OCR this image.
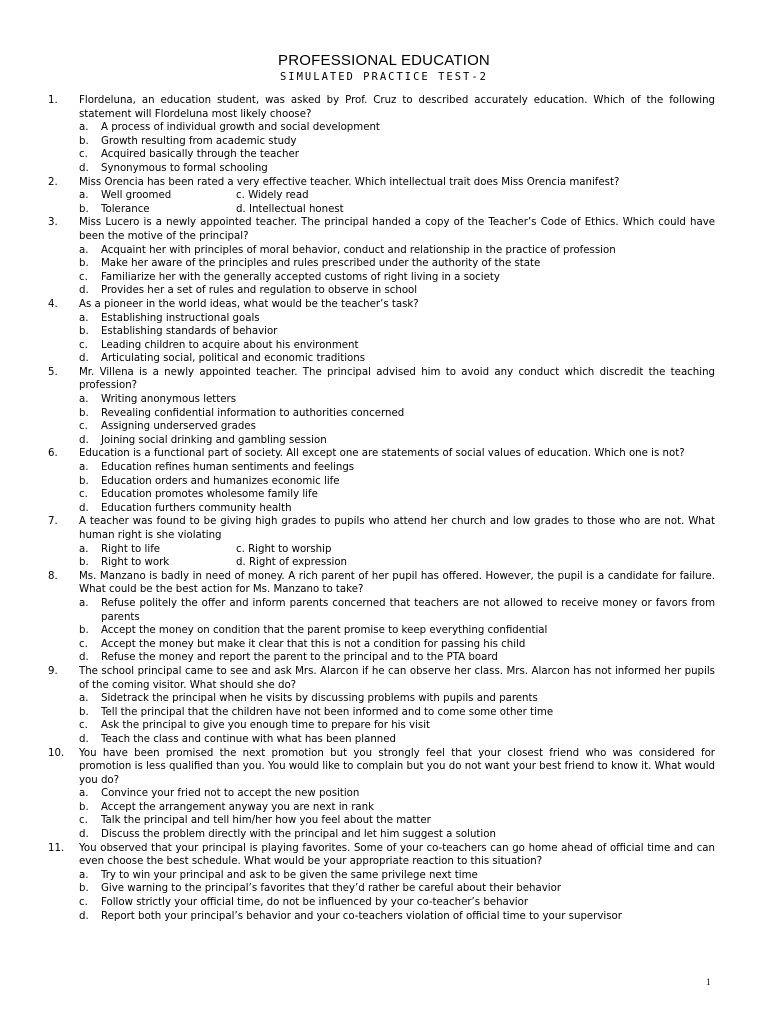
PROFESSIONAL EDUCATION
SIMULATED PRACTICE TEST-2
1.	Flordeluna, an education student, was asked by Prof. Cruz to described accurately education. Which of the following statement will Flordeluna most likely choose?
a. A process of individual growth and social development
b. Growth resulting from academic study
c. Acquired basically through the teacher
d. Synonymous to formal schooling
2.	Miss Orencia has been rated a very effective teacher. Which intellectual trait does Miss Orencia manifest?
a. Well groomed	c. Widely read
b. Tolerance	d. Intellectual honest
3.	Miss Lucero is a newly appointed teacher. The principal handed a copy of the Teacher’s Code of Ethics. Which could have been the motive of the principal?
a. Acquaint her with principles of moral behavior, conduct and relationship in the practice of profession
b. Make her aware of the principles and rules prescribed under the authority of the state
c. Familiarize her with the generally accepted customs of right living in a society
d. Provides her a set of rules and regulation to observe in school
4.	As a pioneer in the world ideas, what would be the teacher’s task?
a. Establishing instructional goals
b. Establishing standards of behavior
c. Leading children to acquire about his environment
d. Articulating social, political and economic traditions
5.	Mr. Villena is a newly appointed teacher. The principal advised him to avoid any conduct which discredit the teaching profession?
a. Writing anonymous letters
b. Revealing confidential information to authorities concerned
c. Assigning underserved grades
d. Joining social drinking and gambling session
6.	Education is a functional part of society. All except one are statements of social values of education. Which one is not?
a. Education refines human sentiments and feelings
b. Education orders and humanizes economic life
c. Education promotes wholesome family life
d. Education furthers community health
7.	A teacher was found to be giving high grades to pupils who attend her church and low grades to those who are not. What human right is she violating
a. Right to life	c. Right to worship
b. Right to work	d. Right of expression
8.	Ms. Manzano is badly in need of money. A rich parent of her pupil has offered. However, the pupil is a candidate for failure. What could be the best action for Ms. Manzano to take?
a. Refuse politely the offer and inform parents concerned that teachers are not allowed to receive money or favors from parents
b. Accept the money on condition that the parent promise to keep everything confidential
c. Accept the money but make it clear that this is not a condition for passing his child
d. Refuse the money and report the parent to the principal and to the PTA board
9.	The school principal came to see and ask Mrs. Alarcon if he can observe her class. Mrs. Alarcon has not informed her pupils of the coming visitor. What should she do?
a. Sidetrack the principal when he visits by discussing problems with pupils and parents
b. Tell the principal that the children have not been informed and to come some other time
c. Ask the principal to give you enough time to prepare for his visit
d. Teach the class and continue with what has been planned
10.	You have been promised the next promotion but you strongly feel that your closest friend who was considered for promotion is less qualified than you. You would like to complain but you do not want your best friend to know it. What would you do?
a. Convince your fried not to accept the new position
b. Accept the arrangement anyway you are next in rank
c. Talk the principal and tell him/her how you feel about the matter
d. Discuss the problem directly with the principal and let him suggest a solution
11.	You observed that your principal is playing favorites. Some of your co-teachers can go home ahead of official time and can even choose the best schedule. What would be your appropriate reaction to this situation?
a. Try to win your principal and ask to be given the same privilege next time
b. Give warning to the principal’s favorites that they’d rather be careful about their behavior
c. Follow strictly your official time, do not be influenced by your co-teacher’s behavior
d. Report both your principal’s behavior and your co-teachers violation of official time to your supervisor
1
